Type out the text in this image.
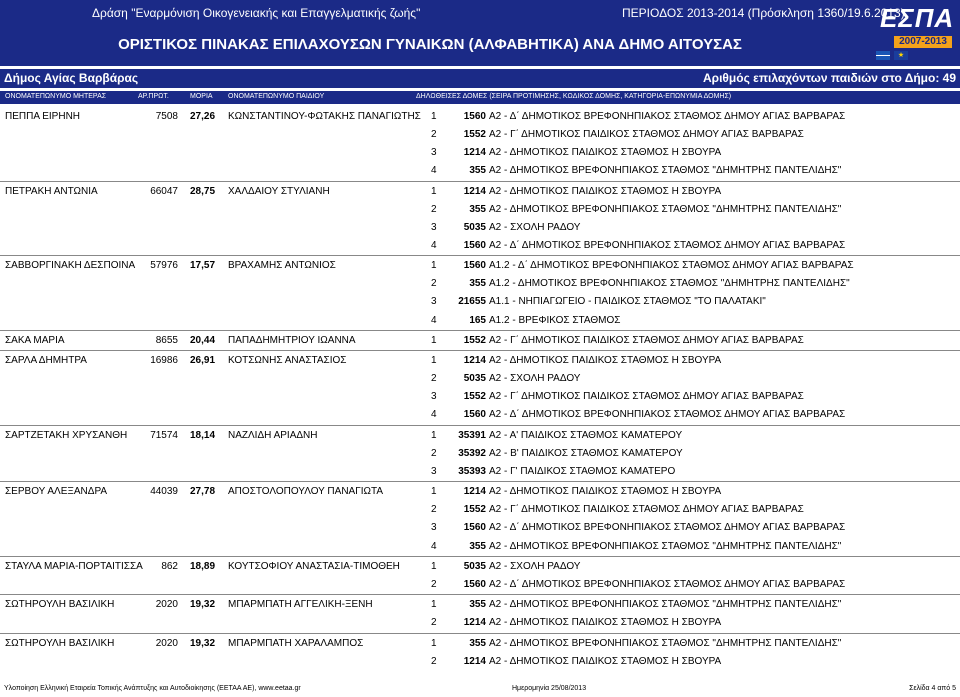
Δράση "Εναρμόνιση Οικογενειακής και Επαγγελματικής ζωής"	ΠΕΡΙΟΔΟΣ 2013-2014 (Πρόσκληση 1360/19.6.2013)
ΟΡΙΣΤΙΚΟΣ ΠΙΝΑΚΑΣ ΕΠΙΛΑΧΟΥΣΩΝ ΓΥΝΑΙΚΩΝ (ΑΛΦΑΒΗΤΙΚΑ) ΑΝΑ ΔΗΜΟ ΑΙΤΟΥΣΑΣ
ΕΣΠΑ
2007-2013
★
Δήμος Αγίας Βαρβάρας	Αριθμός επιλαχόντων παιδιών στο Δήμο: 49
ΟΝΟΜΑΤΕΠΩΝΥΜΟ ΜΗΤΕΡΑΣ	ΑΡ.ΠΡΩΤ.	ΜΟΡΙΑ ΟΝΟΜΑΤΕΠΩΝΥΜΟ ΠΑΙΔΙΟΥ	ΔΗΛΩΘΕΙΣΕΣ ΔΟΜΕΣ (ΣΕΙΡΑ ΠΡΟΤΙΜΗΣΗΣ, ΚΩΔΙΚΟΣ ΔΟΜΗΣ, ΚΑΤΗΓΟΡΙΑ-ΕΠΩΝΥΜΙΑ ΔΟΜΗΣ)
ΠΕΠΠΑ ΕΙΡΗΝΗ	7508 27,26 ΚΩΝΣΤΑΝΤΙΝΟΥ-ΦΩΤΑΚΗΣ ΠΑΝΑΓΙΩΤΗΣ 1	1560 Α2 - Δ΄ ΔΗΜΟΤΙΚΟΣ ΒΡΕΦΟΝΗΠΙΑΚΟΣ ΣΤΑΘΜΟΣ ΔΗΜΟΥ ΑΓΙΑΣ ΒΑΡΒΑΡΑΣ
2	1552 Α2 - Γ΄ ΔΗΜΟΤΙΚΟΣ ΠΑΙΔΙΚΟΣ ΣΤΑΘΜΟΣ ΔΗΜΟΥ ΑΓΙΑΣ ΒΑΡΒΑΡΑΣ
3	1214 Α2 - ΔΗΜΟΤΙΚΟΣ ΠΑΙΔΙΚΟΣ ΣΤΑΘΜΟΣ Η ΣΒΟΥΡΑ
4	355 Α2 - ΔΗΜΟΤΙΚΟΣ ΒΡΕΦΟΝΗΠΙΑΚΟΣ ΣΤΑΘΜΟΣ "ΔΗΜΗΤΡΗΣ ΠΑΝΤΕΛΙΔΗΣ"
ΠΕΤΡΑΚΗ ΑΝΤΩΝΙΑ	66047 28,75 ΧΑΛΔΑΙΟΥ ΣΤΥΛΙΑΝΗ	1	1214 Α2 - ΔΗΜΟΤΙΚΟΣ ΠΑΙΔΙΚΟΣ ΣΤΑΘΜΟΣ Η ΣΒΟΥΡΑ
2	355 Α2 - ΔΗΜΟΤΙΚΟΣ ΒΡΕΦΟΝΗΠΙΑΚΟΣ ΣΤΑΘΜΟΣ "ΔΗΜΗΤΡΗΣ ΠΑΝΤΕΛΙΔΗΣ"
3	5035 Α2 - ΣΧΟΛΗ ΡΑΔΟΥ
4	1560 Α2 - Δ΄ ΔΗΜΟΤΙΚΟΣ ΒΡΕΦΟΝΗΠΙΑΚΟΣ ΣΤΑΘΜΟΣ ΔΗΜΟΥ ΑΓΙΑΣ ΒΑΡΒΑΡΑΣ
ΣΑΒΒΟΡΓΙΝΑΚΗ ΔΕΣΠΟΙΝΑ	57976 17,57 ΒΡΑΧΑΜΗΣ ΑΝΤΩΝΙΟΣ	1	1560 Α1.2 - Δ΄ ΔΗΜΟΤΙΚΟΣ ΒΡΕΦΟΝΗΠΙΑΚΟΣ ΣΤΑΘΜΟΣ ΔΗΜΟΥ ΑΓΙΑΣ ΒΑΡΒΑΡΑΣ
2	355 Α1.2 - ΔΗΜΟΤΙΚΟΣ ΒΡΕΦΟΝΗΠΙΑΚΟΣ ΣΤΑΘΜΟΣ "ΔΗΜΗΤΡΗΣ ΠΑΝΤΕΛΙΔΗΣ"
3	21655 Α1.1 - ΝΗΠΙΑΓΩΓΕΙΟ - ΠΑΙΔΙΚΟΣ ΣΤΑΘΜΟΣ "ΤΟ ΠΑΛΑΤΑΚΙ"
4	165 Α1.2 - ΒΡΕΦΙΚΟΣ ΣΤΑΘΜΟΣ
ΣΑΚΑ ΜΑΡΙΑ	8655 20,44 ΠΑΠΑΔΗΜΗΤΡΙΟΥ ΙΩΑΝΝΑ	1	1552 Α2 - Γ΄ ΔΗΜΟΤΙΚΟΣ ΠΑΙΔΙΚΟΣ ΣΤΑΘΜΟΣ ΔΗΜΟΥ ΑΓΙΑΣ ΒΑΡΒΑΡΑΣ
ΣΑΡΛΑ ΔΗΜΗΤΡΑ	16986 26,91 ΚΟΤΣΩΝΗΣ ΑΝΑΣΤΑΣΙΟΣ	1	1214 Α2 - ΔΗΜΟΤΙΚΟΣ ΠΑΙΔΙΚΟΣ ΣΤΑΘΜΟΣ Η ΣΒΟΥΡΑ
2	5035 Α2 - ΣΧΟΛΗ ΡΑΔΟΥ
3	1552 Α2 - Γ΄ ΔΗΜΟΤΙΚΟΣ ΠΑΙΔΙΚΟΣ ΣΤΑΘΜΟΣ ΔΗΜΟΥ ΑΓΙΑΣ ΒΑΡΒΑΡΑΣ
4	1560 Α2 - Δ΄ ΔΗΜΟΤΙΚΟΣ ΒΡΕΦΟΝΗΠΙΑΚΟΣ ΣΤΑΘΜΟΣ ΔΗΜΟΥ ΑΓΙΑΣ ΒΑΡΒΑΡΑΣ
ΣΑΡΤΖΕΤΑΚΗ ΧΡΥΣΑΝΘΗ	71574 18,14 ΝΑΖΛΙΔΗ ΑΡΙΑΔΝΗ	1	35391 Α2 - Α' ΠΑΙΔΙΚΟΣ ΣΤΑΘΜΟΣ ΚΑΜΑΤΕΡΟΥ
2	35392 Α2 - Β' ΠΑΙΔΙΚΟΣ ΣΤΑΘΜΟΣ ΚΑΜΑΤΕΡΟΥ
3	35393 Α2 - Γ' ΠΑΙΔΙΚΟΣ ΣΤΑΘΜΟΣ ΚΑΜΑΤΕΡΟ
ΣΕΡΒΟΥ ΑΛΕΞΑΝΔΡΑ	44039 27,78 ΑΠΟΣΤΟΛΟΠΟΥΛΟΥ ΠΑΝΑΓΙΩΤΑ	1	1214 Α2 - ΔΗΜΟΤΙΚΟΣ ΠΑΙΔΙΚΟΣ ΣΤΑΘΜΟΣ Η ΣΒΟΥΡΑ
2	1552 Α2 - Γ΄ ΔΗΜΟΤΙΚΟΣ ΠΑΙΔΙΚΟΣ ΣΤΑΘΜΟΣ ΔΗΜΟΥ ΑΓΙΑΣ ΒΑΡΒΑΡΑΣ
3	1560 Α2 - Δ΄ ΔΗΜΟΤΙΚΟΣ ΒΡΕΦΟΝΗΠΙΑΚΟΣ ΣΤΑΘΜΟΣ ΔΗΜΟΥ ΑΓΙΑΣ ΒΑΡΒΑΡΑΣ
4	355 Α2 - ΔΗΜΟΤΙΚΟΣ ΒΡΕΦΟΝΗΠΙΑΚΟΣ ΣΤΑΘΜΟΣ "ΔΗΜΗΤΡΗΣ ΠΑΝΤΕΛΙΔΗΣ"
ΣΤΑΥΛΑ ΜΑΡΙΑ-ΠΟΡΤΑΙΤΙΣΣΑ	862 18,89 ΚΟΥΤΣΟΦΙΟΥ ΑΝΑΣΤΑΣΙΑ-ΤΙΜΟΘΕΗ	1	5035 Α2 - ΣΧΟΛΗ ΡΑΔΟΥ
2	1560 Α2 - Δ΄ ΔΗΜΟΤΙΚΟΣ ΒΡΕΦΟΝΗΠΙΑΚΟΣ ΣΤΑΘΜΟΣ ΔΗΜΟΥ ΑΓΙΑΣ ΒΑΡΒΑΡΑΣ
ΣΩΤΗΡΟΥΛΗ ΒΑΣΙΛΙΚΗ	2020 19,32 ΜΠΑΡΜΠΑΤΗ ΑΓΓΕΛΙΚΗ-ΞΕΝΗ	1	355 Α2 - ΔΗΜΟΤΙΚΟΣ ΒΡΕΦΟΝΗΠΙΑΚΟΣ ΣΤΑΘΜΟΣ "ΔΗΜΗΤΡΗΣ ΠΑΝΤΕΛΙΔΗΣ"
2	1214 Α2 - ΔΗΜΟΤΙΚΟΣ ΠΑΙΔΙΚΟΣ ΣΤΑΘΜΟΣ Η ΣΒΟΥΡΑ
ΣΩΤΗΡΟΥΛΗ ΒΑΣΙΛΙΚΗ	2020 19,32 ΜΠΑΡΜΠΑΤΗ ΧΑΡΑΛΑΜΠΟΣ	1	355 Α2 - ΔΗΜΟΤΙΚΟΣ ΒΡΕΦΟΝΗΠΙΑΚΟΣ ΣΤΑΘΜΟΣ "ΔΗΜΗΤΡΗΣ ΠΑΝΤΕΛΙΔΗΣ"
2	1214 Α2 - ΔΗΜΟΤΙΚΟΣ ΠΑΙΔΙΚΟΣ ΣΤΑΘΜΟΣ Η ΣΒΟΥΡΑ
Υλοποίηση Ελληνική Εταιρεία Τοπικής Ανάπτυξης και Αυτοδιοίκησης (ΕΕΤΑΑ ΑΕ), www.eetaa.gr	Ημερομηνία 25/08/2013	Σελίδα 4 από 5
